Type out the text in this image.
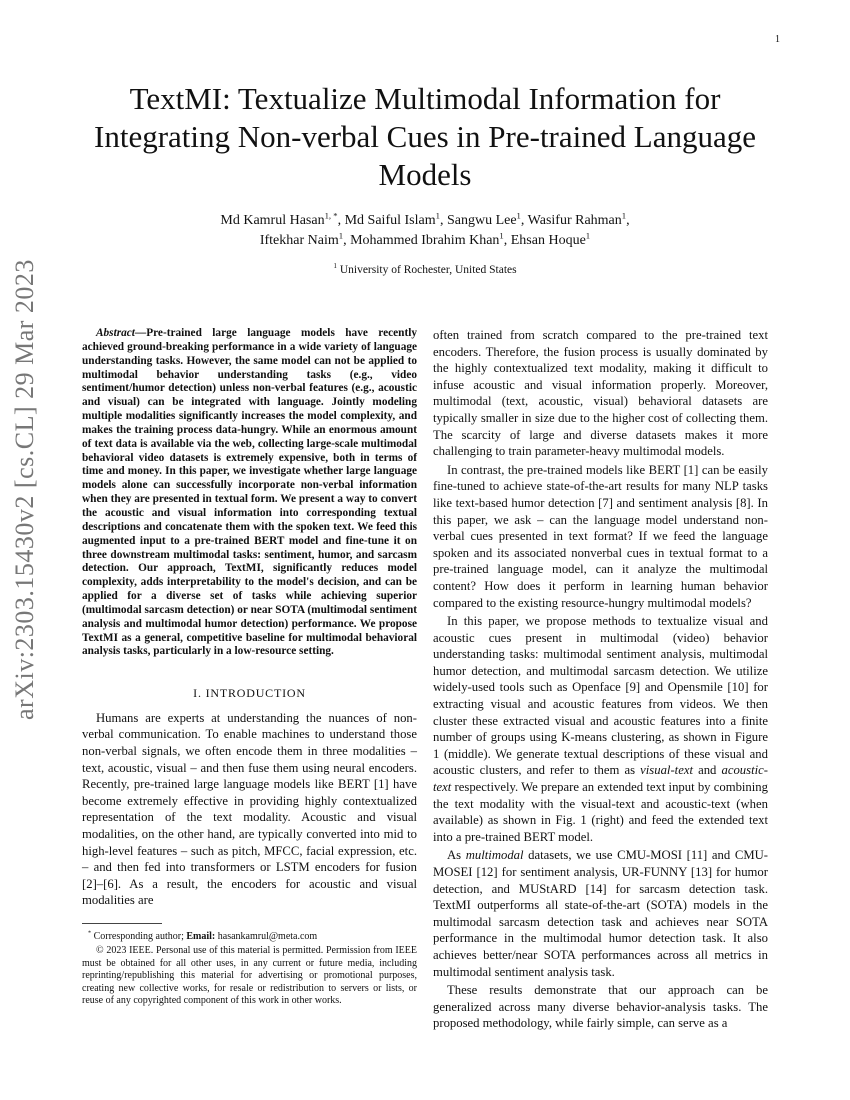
1
arXiv:2303.15430v2 [cs.CL] 29 Mar 2023
TextMI: Textualize Multimodal Information for Integrating Non-verbal Cues in Pre-trained Language Models
Md Kamrul Hasan$^{1, *}$, Md Saiful Islam$^1$, Sangwu Lee$^1$, Wasifur Rahman$^1$,
Iftekhar Naim$^1$, Mohammed Ibrahim Khan$^1$, Ehsan Hoque$^1$
$^1$ University of Rochester, United States

Abstract—Pre-trained large language models have recently achieved ground-breaking performance in a wide variety of language understanding tasks. However, the same model can not be applied to multimodal behavior understanding tasks (e.g., video sentiment/humor detection) unless non-verbal features (e.g., acoustic and visual) can be integrated with language. Jointly modeling multiple modalities significantly increases the model complexity, and makes the training process data-hungry. While an enormous amount of text data is available via the web, collecting large-scale multimodal behavioral video datasets is extremely expensive, both in terms of time and money. In this paper, we investigate whether large language models alone can successfully incorporate non-verbal information when they are presented in textual form. We present a way to convert the acoustic and visual information into corresponding textual descriptions and concatenate them with the spoken text. We feed this augmented input to a pre-trained BERT model and fine-tune it on three downstream multimodal tasks: sentiment, humor, and sarcasm detection. Our approach, TextMI, significantly reduces model complexity, adds interpretability to the model's decision, and can be applied for a diverse set of tasks while achieving superior (multimodal sarcasm detection) or near SOTA (multimodal sentiment analysis and multimodal humor detection) performance. We propose TextMI as a general, competitive baseline for multimodal behavioral analysis tasks, particularly in a low-resource setting.

I. INTRODUCTION

Humans are experts at understanding the nuances of non-verbal communication. To enable machines to understand those non-verbal signals, we often encode them in three modalities – text, acoustic, visual – and then fuse them using neural encoders. Recently, pre-trained large language models like BERT [1] have become extremely effective in providing highly contextualized representation of the text modality. Acoustic and visual modalities, on the other hand, are typically converted into mid to high-level features – such as pitch, MFCC, facial expression, etc. – and then fed into transformers or LSTM encoders for fusion [2]–[6]. As a result, the encoders for acoustic and visual modalities are

* Corresponding author; Email: hasankamrul@meta.com

© 2023 IEEE. Personal use of this material is permitted. Permission from IEEE must be obtained for all other uses, in any current or future media, including reprinting/republishing this material for advertising or promotional purposes, creating new collective works, for resale or redistribution to servers or lists, or reuse of any copyrighted component of this work in other works.

often trained from scratch compared to the pre-trained text encoders. Therefore, the fusion process is usually dominated by the highly contextualized text modality, making it difficult to infuse acoustic and visual information properly. Moreover, multimodal (text, acoustic, visual) behavioral datasets are typically smaller in size due to the higher cost of collecting them. The scarcity of large and diverse datasets makes it more challenging to train parameter-heavy multimodal models.

In contrast, the pre-trained models like BERT [1] can be easily fine-tuned to achieve state-of-the-art results for many NLP tasks like text-based humor detection [7] and sentiment analysis [8]. In this paper, we ask – can the language model understand non-verbal cues presented in text format? If we feed the language spoken and its associated nonverbal cues in textual format to a pre-trained language model, can it analyze the multimodal content? How does it perform in learning human behavior compared to the existing resource-hungry multimodal models?

In this paper, we propose methods to textualize visual and acoustic cues present in multimodal (video) behavior understanding tasks: multimodal sentiment analysis, multimodal humor detection, and multimodal sarcasm detection. We utilize widely-used tools such as Openface [9] and Opensmile [10] for extracting visual and acoustic features from videos. We then cluster these extracted visual and acoustic features into a finite number of groups using K-means clustering, as shown in Figure 1 (middle). We generate textual descriptions of these visual and acoustic clusters, and refer to them as visual-text and acoustic-text respectively. We prepare an extended text input by combining the text modality with the visual-text and acoustic-text (when available) as shown in Fig. 1 (right) and feed the extended text into a pre-trained BERT model.

As multimodal datasets, we use CMU-MOSI [11] and CMU-MOSEI [12] for sentiment analysis, UR-FUNNY [13] for humor detection, and MUStARD [14] for sarcasm detection task. TextMI outperforms all state-of-the-art (SOTA) models in the multimodal sarcasm detection task and achieves near SOTA performance in the multimodal humor detection task. It also achieves better/near SOTA performances across all metrics in multimodal sentiment analysis task.

These results demonstrate that our approach can be generalized across many diverse behavior-analysis tasks. The proposed methodology, while fairly simple, can serve as a
